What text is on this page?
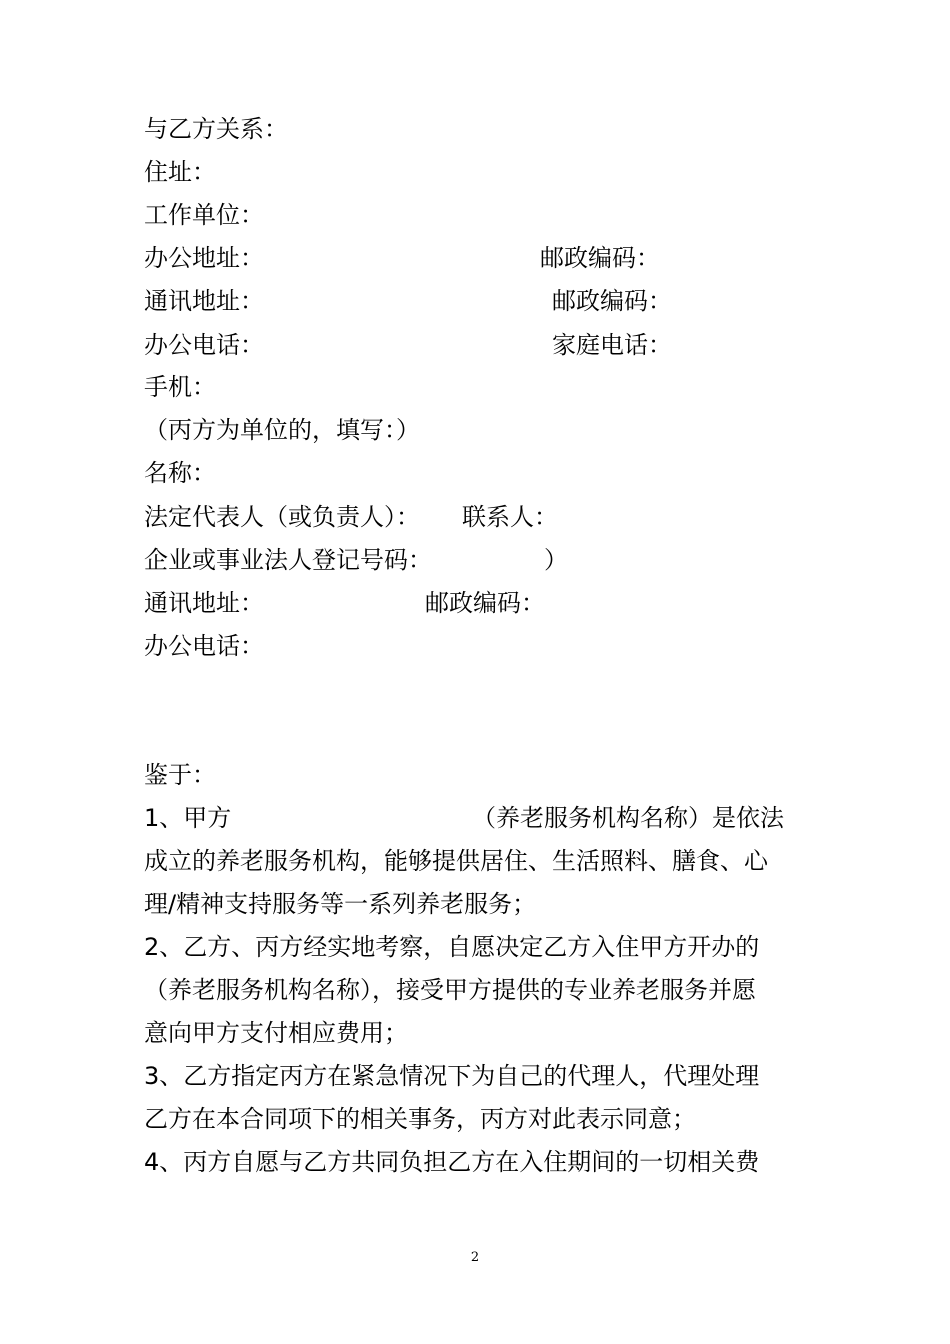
与乙方关系：
住址：
工作单位：
办公地址：	邮政编码：
通讯地址：	邮政编码：
办公电话：	家庭电话：
手机：
（丙方为单位的，填写：）
名称：
法定代表人（或负责人）： 联系人：
企业或事业法人登记号码：	）
通讯地址：	邮政编码：
办公电话：
鉴于：
1、甲方	（养老服务机构名称）是依法
成立的养老服务机构，能够提供居住、生活照料、膳食、心
理/精神支持服务等一系列养老服务；
2、乙方、丙方经实地考察，自愿决定乙方入住甲方开办的
（养老服务机构名称），接受甲方提供的专业养老服务并愿
意向甲方支付相应费用；
3、乙方指定丙方在紧急情况下为自己的代理人，代理处理
乙方在本合同项下的相关事务，丙方对此表示同意；
4、丙方自愿与乙方共同负担乙方在入住期间的一切相关费
2
